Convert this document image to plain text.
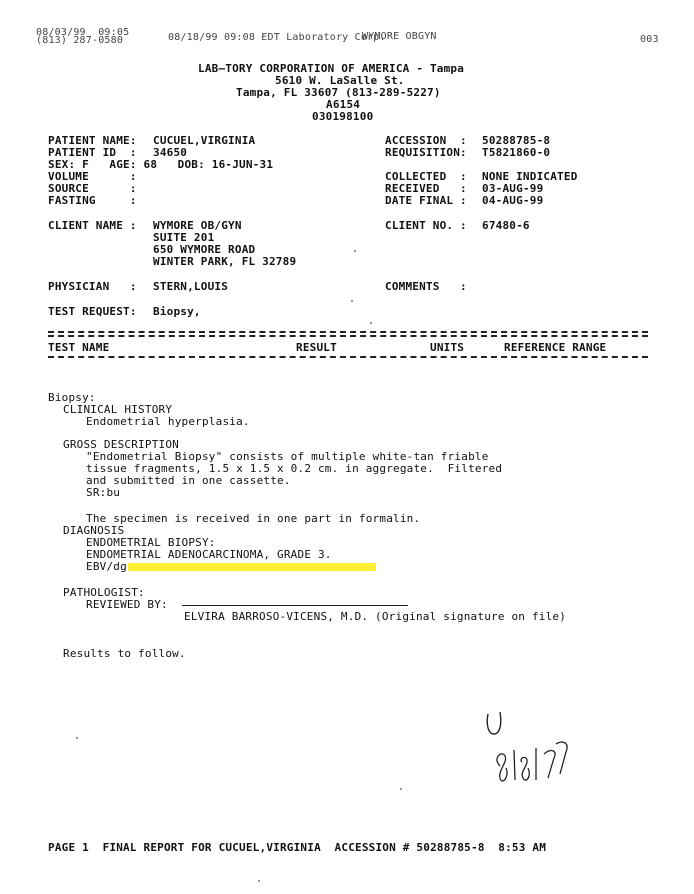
08/03/99  09:05
(813) 287-0580	08/18/99 09:08 EDT Laboratory Corp.
WYMORE OBGYN	003
LAB—TORY CORPORATION OF AMERICA - Tampa
5610 W. LaSalle St.
Tampa, FL 33607 (813-289-5227)
A6154
030198100
PATIENT NAME: CUCUEL,VIRGINIA
PATIENT ID  : 34650
SEX: F   AGE: 68   DOB: 16-JUN-31
VOLUME      :
SOURCE      :
FASTING     :
ACCESSION  : 50288785-8
REQUISITION: T5821860-0
COLLECTED  : NONE INDICATED
RECEIVED   : 03-AUG-99
DATE FINAL : 04-AUG-99
CLIENT NAME : WYMORE OB/GYN
SUITE 201
650 WYMORE ROAD
WINTER PARK, FL 32789
CLIENT NO. : 67480-6
PHYSICIAN   : STERN,LOUIS	COMMENTS   :
TEST REQUEST: Biopsy,
TEST NAME	RESULT	UNITS	REFERENCE RANGE
Biopsy:
CLINICAL HISTORY
Endometrial hyperplasia.
GROSS DESCRIPTION
"Endometrial Biopsy" consists of multiple white-tan friable
tissue fragments, 1.5 x 1.5 x 0.2 cm. in aggregate.  Filtered
and submitted in one cassette.
SR:bu
The specimen is received in one part in formalin.
DIAGNOSIS
ENDOMETRIAL BIOPSY:
ENDOMETRIAL ADENOCARCINOMA, GRADE 3.
EBV/dg
PATHOLOGIST:
REVIEWED BY:
ELVIRA BARROSO-VICENS, M.D. (Original signature on file)
Results to follow.
PAGE 1  FINAL REPORT FOR CUCUEL,VIRGINIA  ACCESSION # 50288785-8  8:53 AM
